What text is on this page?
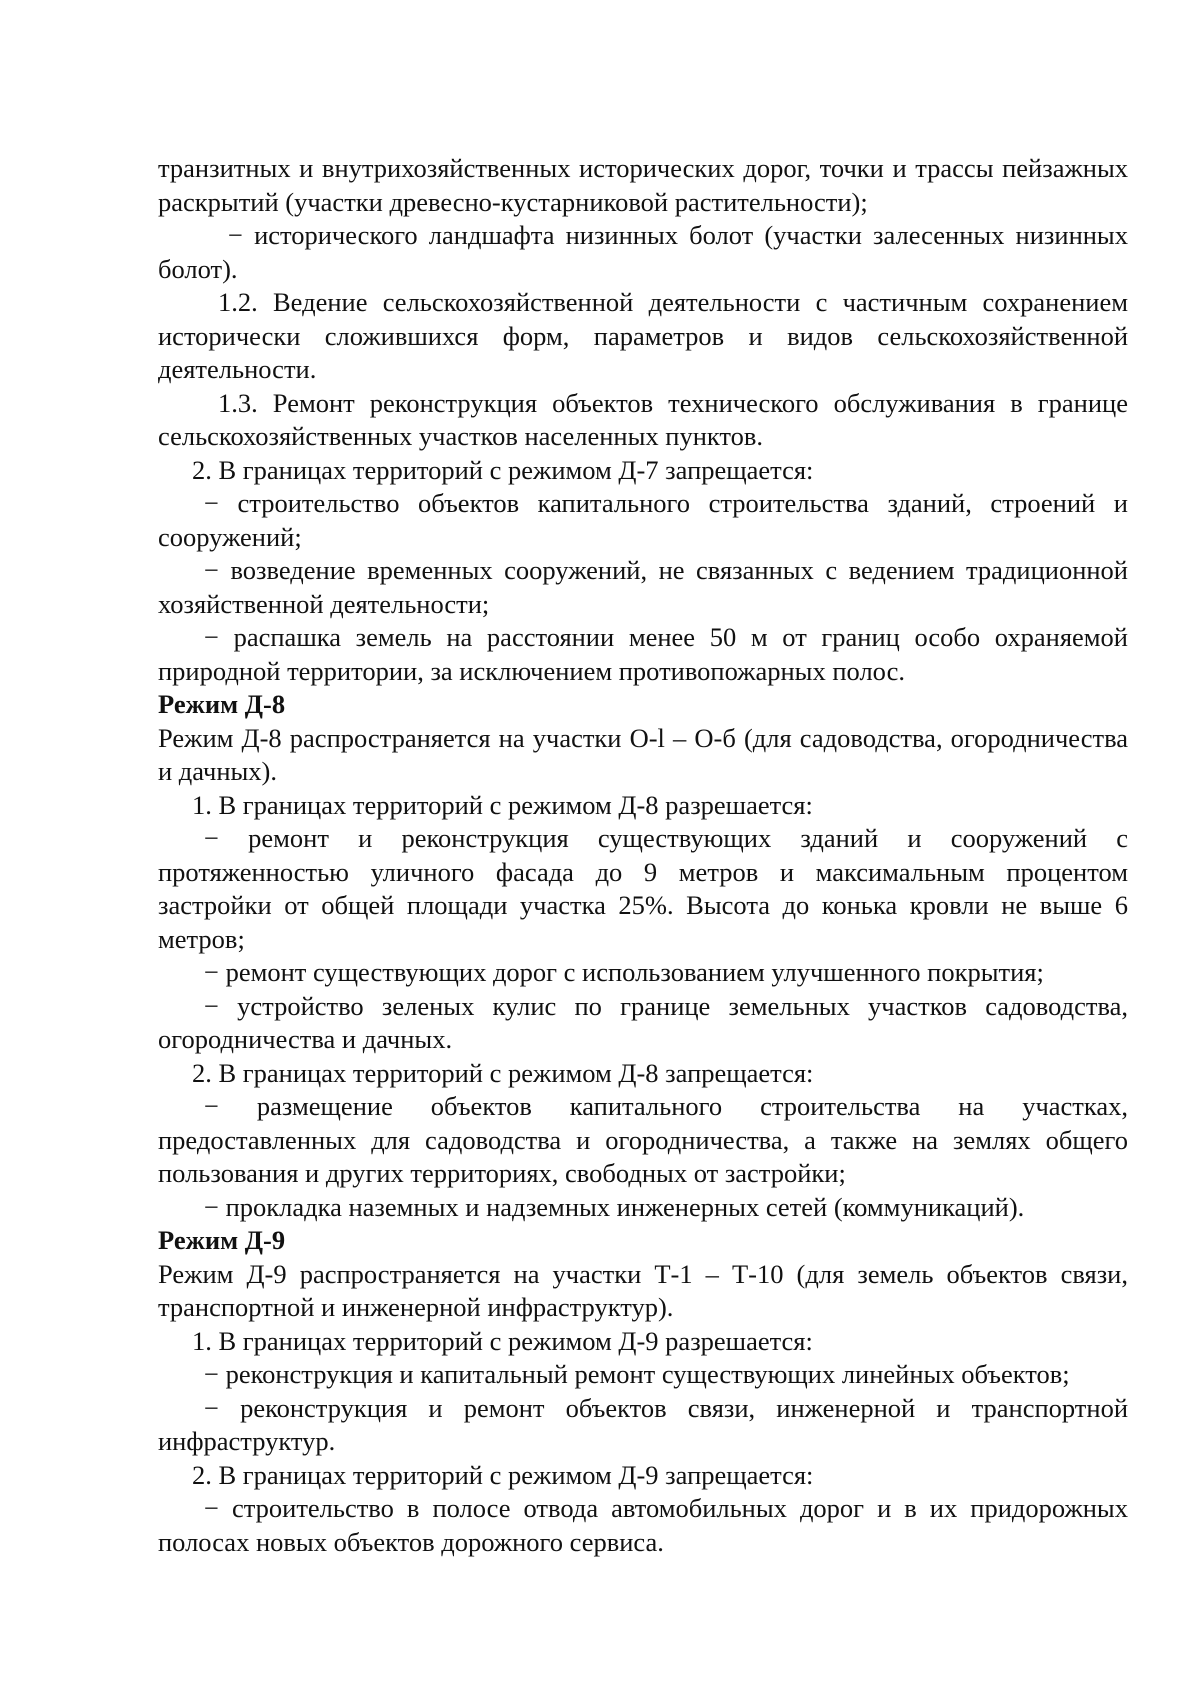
транзитных и внутрихозяйственных исторических дорог, точки и трассы пейзажных раскрытий (участки древесно-кустарниковой растительности);

− исторического ландшафта низинных болот (участки залесенных низинных болот).

1.2. Ведение сельскохозяйственной деятельности с частичным сохранением исторически сложившихся форм, параметров и видов сельскохозяйственной деятельности.

1.3. Ремонт реконструкция объектов технического обслуживания в границе сельскохозяйственных участков населенных пунктов.

2. В границах территорий с режимом Д-7 запрещается:

− строительство объектов капитального строительства зданий, строений и сооружений;

− возведение временных сооружений, не связанных с ведением традиционной хозяйственной деятельности;

− распашка земель на расстоянии менее 50 м от границ особо охраняемой природной территории, за исключением противопожарных полос.

Режим Д-8

Режим Д-8 распространяется на участки О-l – О-б (для садоводства, огородничества и дачных).

1. В границах территорий с режимом Д-8 разрешается:

− ремонт и реконструкция существующих зданий и сооружений с протяженностью уличного фасада до 9 метров и максимальным процентом застройки от общей площади участка 25%. Высота до конька кровли не выше 6 метров;

− ремонт существующих дорог с использованием улучшенного покрытия;

− устройство зеленых кулис по границе земельных участков садоводства, огородничества и дачных.

2. В границах территорий с режимом Д-8 запрещается:

− размещение объектов капитального строительства на участках, предоставленных для садоводства и огородничества, а также на землях общего пользования и других территориях, свободных от застройки;

− прокладка наземных и надземных инженерных сетей (коммуникаций).

Режим Д-9

Режим Д-9 распространяется на участки Т-1 – Т-10 (для земель объектов связи, транспортной и инженерной инфраструктур).

1. В границах территорий с режимом Д-9 разрешается:

− реконструкция и капитальный ремонт существующих линейных объектов;

− реконструкция и ремонт объектов связи, инженерной и транспортной инфраструктур.

2. В границах территорий с режимом Д-9 запрещается:

− строительство в полосе отвода автомобильных дорог и в их придорожных полосах новых объектов дорожного сервиса.
